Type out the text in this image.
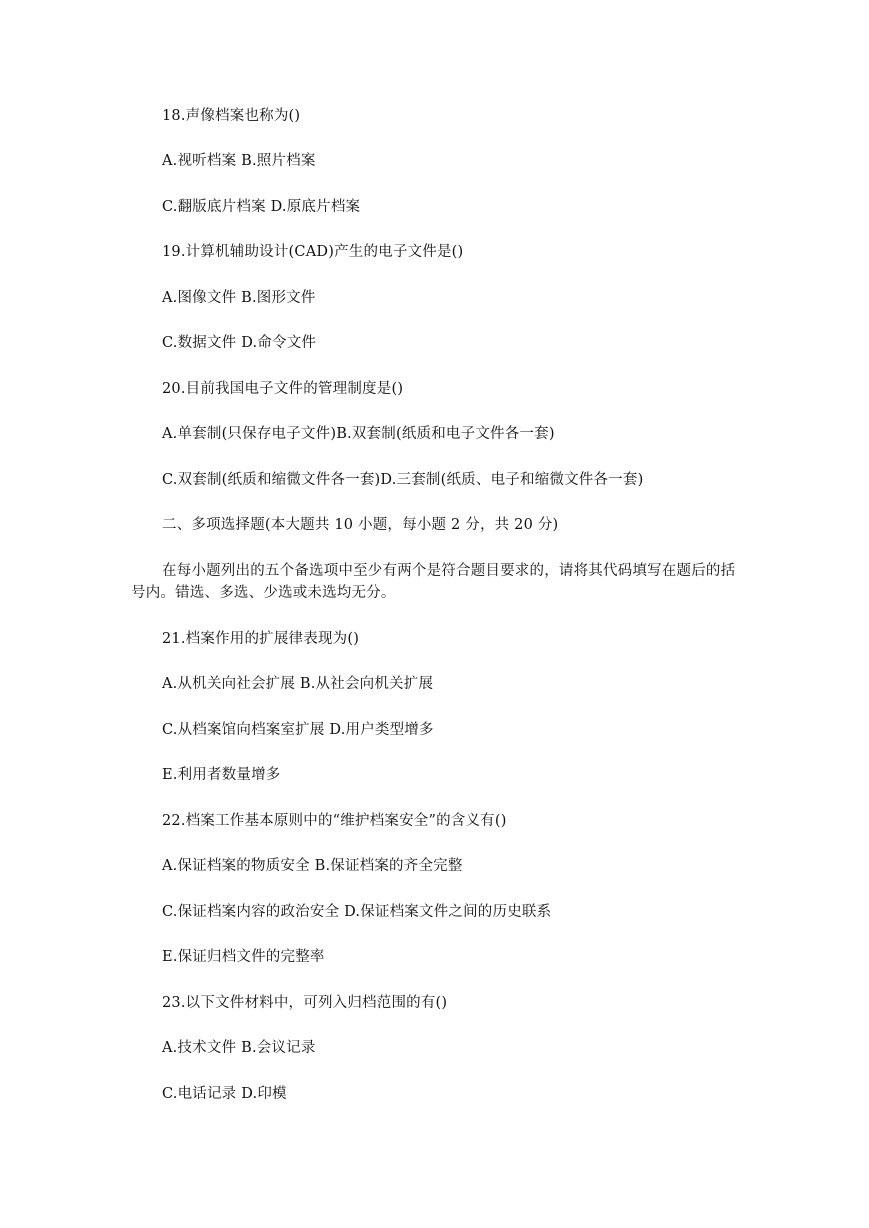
18.声像档案也称为()
A.视听档案 B.照片档案
C.翻版底片档案 D.原底片档案
19.计算机辅助设计(CAD)产生的电子文件是()
A.图像文件 B.图形文件
C.数据文件 D.命令文件
20.目前我国电子文件的管理制度是()
A.单套制(只保存电子文件)B.双套制(纸质和电子文件各一套)
C.双套制(纸质和缩微文件各一套)D.三套制(纸质、电子和缩微文件各一套)
二、多项选择题(本大题共 10 小题，每小题 2 分，共 20 分)
在每小题列出的五个备选项中至少有两个是符合题目要求的，请将其代码填写在题后的括号内。错选、多选、少选或未选均无分。
21.档案作用的扩展律表现为()
A.从机关向社会扩展 B.从社会向机关扩展
C.从档案馆向档案室扩展 D.用户类型增多
E.利用者数量增多
22.档案工作基本原则中的“维护档案安全”的含义有()
A.保证档案的物质安全 B.保证档案的齐全完整
C.保证档案内容的政治安全 D.保证档案文件之间的历史联系
E.保证归档文件的完整率
23.以下文件材料中，可列入归档范围的有()
A.技术文件 B.会议记录
C.电话记录 D.印模
